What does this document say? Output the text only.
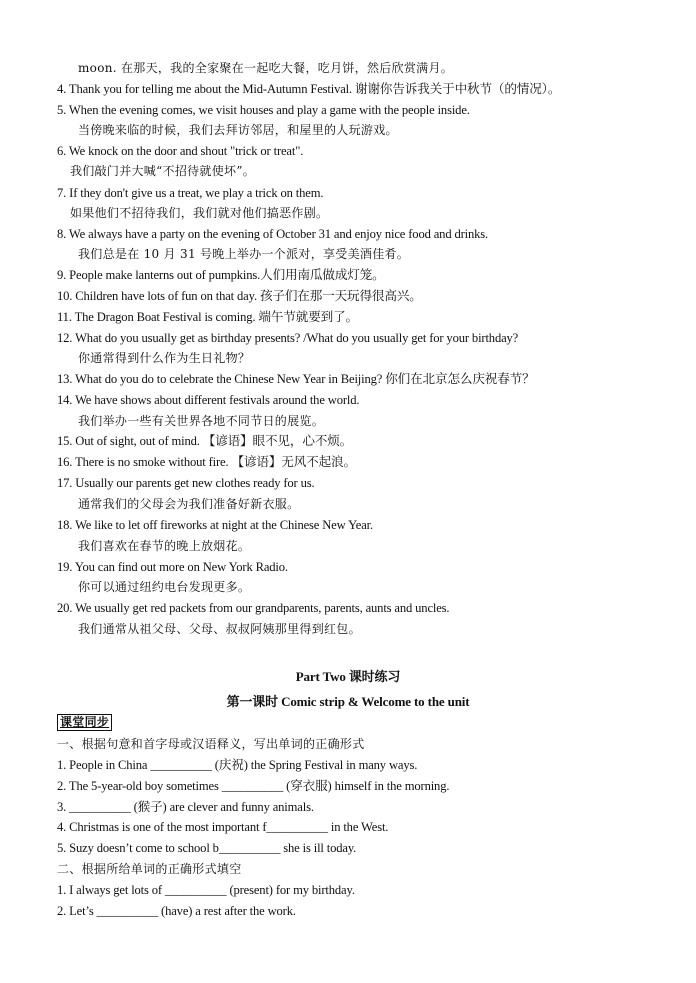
moon. 在那天，我的全家聚在一起吃大餐，吃月饼，然后欣赏满月。
4. Thank you for telling me about the Mid-Autumn Festival. 谢谢你告诉我关于中秋节（的情况）。
5. When the evening comes, we visit houses and play a game with the people inside.
当傍晚来临的时候，我们去拜访邻居，和屋里的人玩游戏。
6. We knock on the door and shout "trick or treat".
我们敲门并大喊“不招待就使坏”。
7. If they don't give us a treat, we play a trick on them.
如果他们不招待我们，我们就对他们搞恶作剧。
8. We always have a party on the evening of October 31 and enjoy nice food and drinks.
我们总是在 10 月 31 号晚上举办一个派对，享受美酒佳肴。
9. People make lanterns out of pumpkins.人们用南瓜做成灯笼。
10. Children have lots of fun on that day. 孩子们在那一天玩得很高兴。
11. The Dragon Boat Festival is coming. 端午节就要到了。
12. What do you usually get as birthday presents? /What do you usually get for your birthday?
你通常得到什么作为生日礼物？
13. What do you do to celebrate the Chinese New Year in Beijing? 你们在北京怎么庆祝春节？
14. We have shows about different festivals around the world.
我们举办一些有关世界各地不同节日的展览。
15. Out of sight, out of mind. 【谚语】眼不见，心不烦。
16. There is no smoke without fire. 【谚语】无风不起浪。
17. Usually our parents get new clothes ready for us.
通常我们的父母会为我们准备好新衣服。
18. We like to let off fireworks at night at the Chinese New Year.
我们喜欢在春节的晚上放烟花。
19. You can find out more on New York Radio.
你可以通过纽约电台发现更多。
20. We usually get red packets from our grandparents, parents, aunts and uncles.
我们通常从祖父母、父母、叔叔阿姨那里得到红包。
Part Two 课时练习
第一课时 Comic strip & Welcome to the unit
课堂同步
一、根据句意和首字母或汉语释义，写出单词的正确形式
1. People in China __________ (庆祝) the Spring Festival in many ways.
2. The 5-year-old boy sometimes __________ (穿衣服) himself in the morning.
3. __________ (猴子) are clever and funny animals.
4. Christmas is one of the most important f__________ in the West.
5. Suzy doesn’t come to school b__________ she is ill today.
二、根据所给单词的正确形式填空
1. I always get lots of __________ (present) for my birthday.
2. Let’s __________ (have) a rest after the work.
